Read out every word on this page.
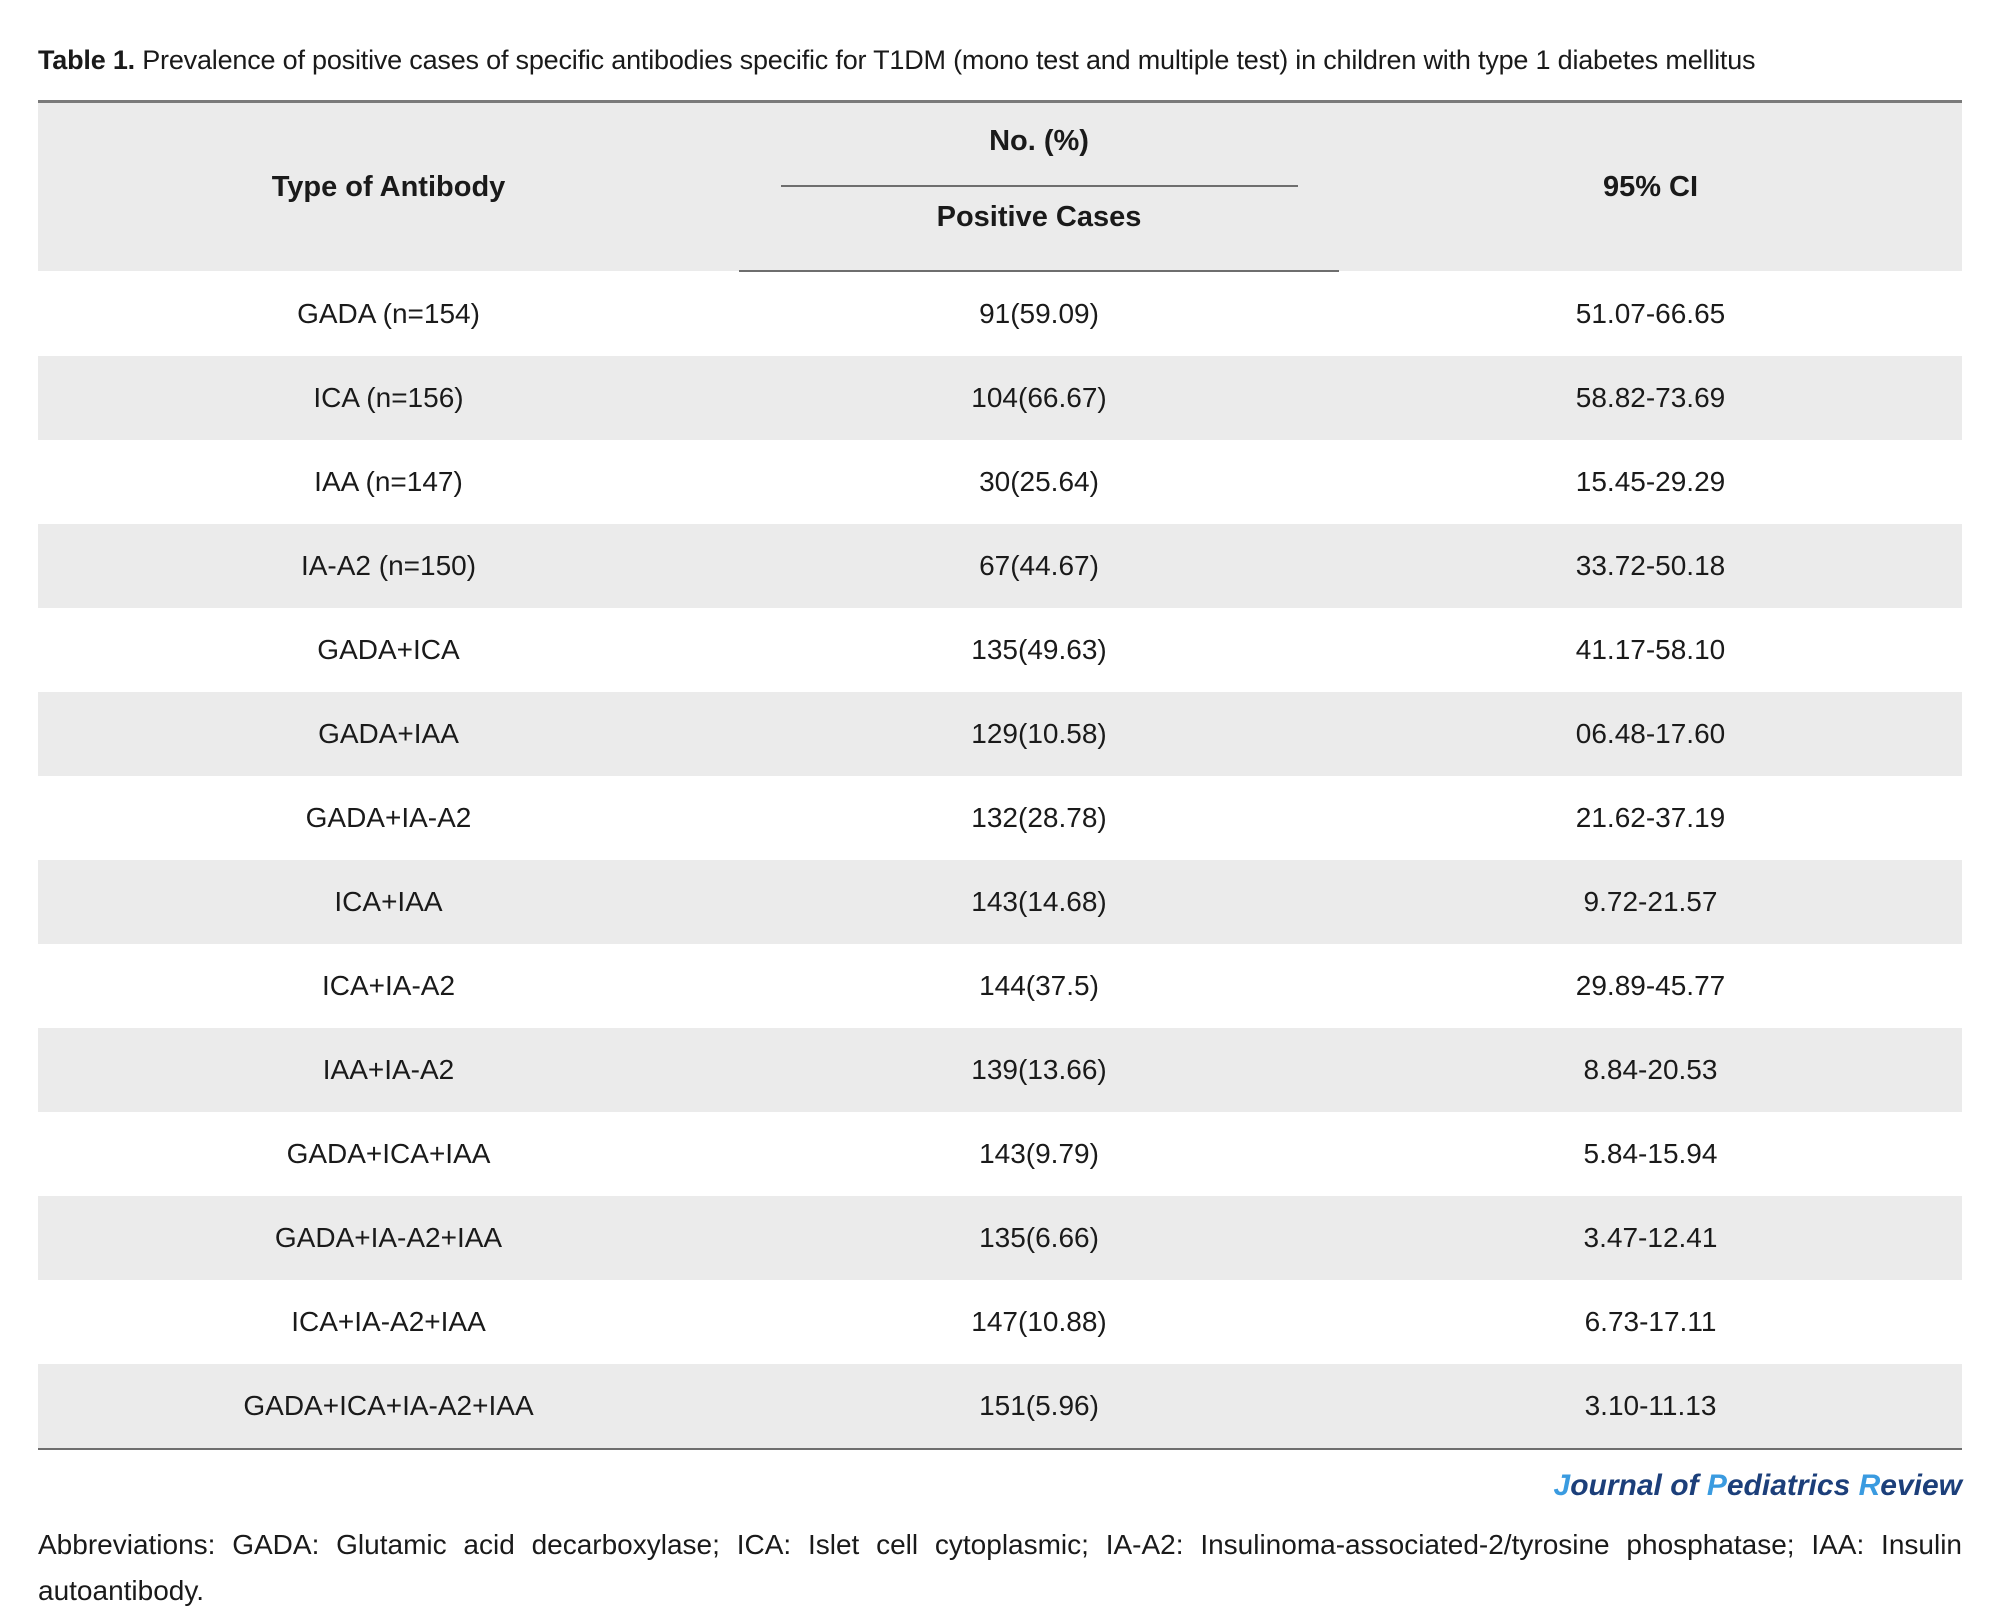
Table 1. Prevalence of positive cases of specific antibodies specific for T1DM (mono test and multiple test) in children with type 1 diabetes mellitus
Type of Antibody	No. (%)	95% CI
	Positive Cases	
GADA (n=154)	91(59.09)	51.07-66.65
ICA (n=156)	104(66.67)	58.82-73.69
IAA (n=147)	30(25.64)	15.45-29.29
IA-A2 (n=150)	67(44.67)	33.72-50.18
GADA+ICA	135(49.63)	41.17-58.10
GADA+IAA	129(10.58)	06.48-17.60
GADA+IA-A2	132(28.78)	21.62-37.19
ICA+IAA	143(14.68)	9.72-21.57
ICA+IA-A2	144(37.5)	29.89-45.77
IAA+IA-A2	139(13.66)	8.84-20.53
GADA+ICA+IAA	143(9.79)	5.84-15.94
GADA+IA-A2+IAA	135(6.66)	3.47-12.41
ICA+IA-A2+IAA	147(10.88)	6.73-17.11
GADA+ICA+IA-A2+IAA	151(5.96)	3.10-11.13
Journal of Pediatrics Review
Abbreviations: GADA: Glutamic acid decarboxylase; ICA: Islet cell cytoplasmic; IA-A2: Insulinoma-associated-2/tyrosine phosphatase; IAA: Insulin autoantibody.
